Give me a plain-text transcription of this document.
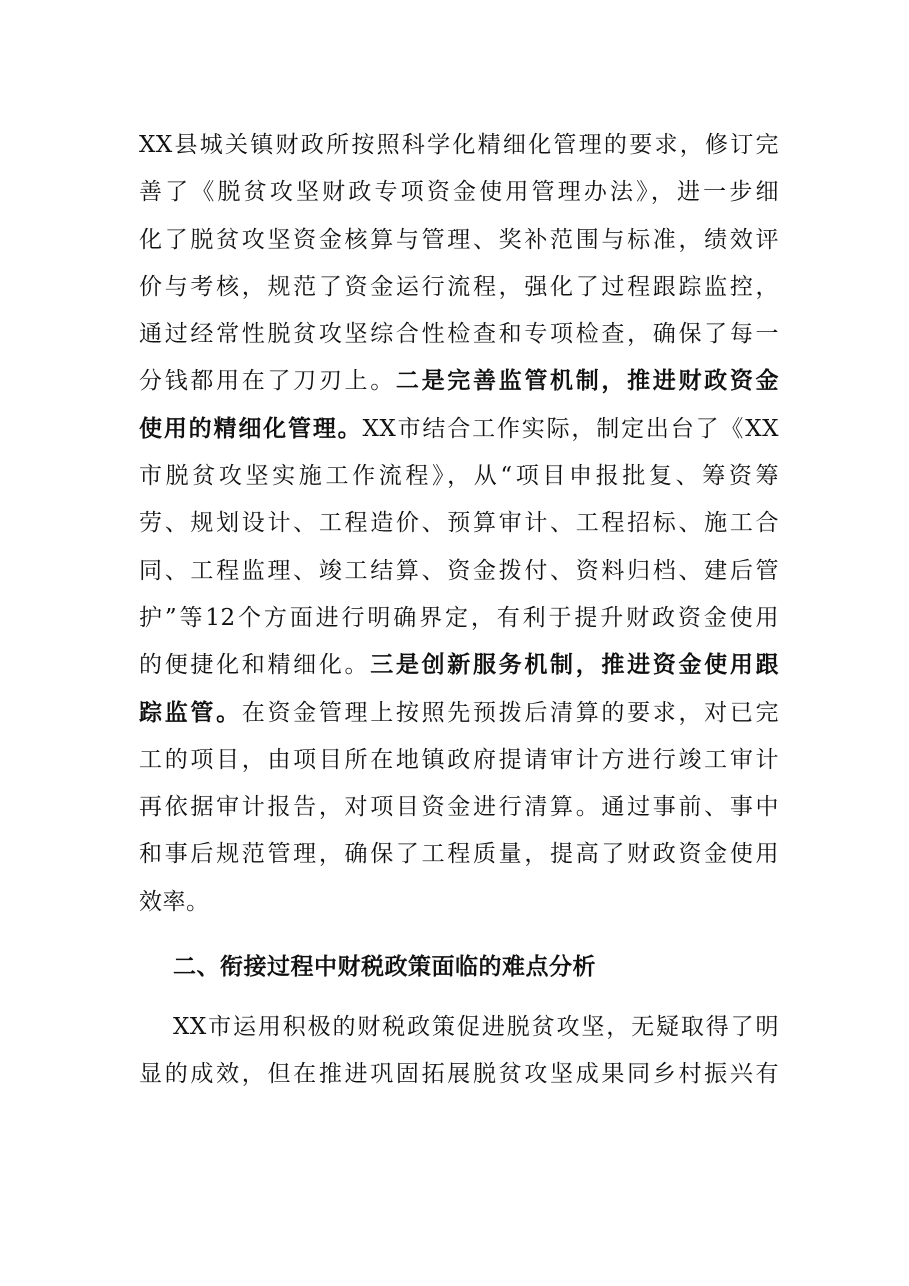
XX县城关镇财政所按照科学化精细化管理的要求，修订完
善了《脱贫攻坚财政专项资金使用管理办法》，进一步细
化了脱贫攻坚资金核算与管理、奖补范围与标准，绩效评
价与考核，规范了资金运行流程，强化了过程跟踪监控，
通过经常性脱贫攻坚综合性检查和专项检查，确保了每一
分钱都用在了刀刃上。二是完善监管机制，推进财政资金
使用的精细化管理。XX市结合工作实际，制定出台了《XX
市脱贫攻坚实施工作流程》，从“项目申报批复、筹资筹
劳、规划设计、工程造价、预算审计、工程招标、施工合
同、工程监理、竣工结算、资金拨付、资料归档、建后管
护”等12个方面进行明确界定，有利于提升财政资金使用
的便捷化和精细化。三是创新服务机制，推进资金使用跟
踪监管。在资金管理上按照先预拨后清算的要求，对已完
工的项目，由项目所在地镇政府提请审计方进行竣工审计
再依据审计报告，对项目资金进行清算。通过事前、事中
和事后规范管理，确保了工程质量，提高了财政资金使用
效率。
二、衔接过程中财税政策面临的难点分析
XX市运用积极的财税政策促进脱贫攻坚，无疑取得了明
显的成效，但在推进巩固拓展脱贫攻坚成果同乡村振兴有
